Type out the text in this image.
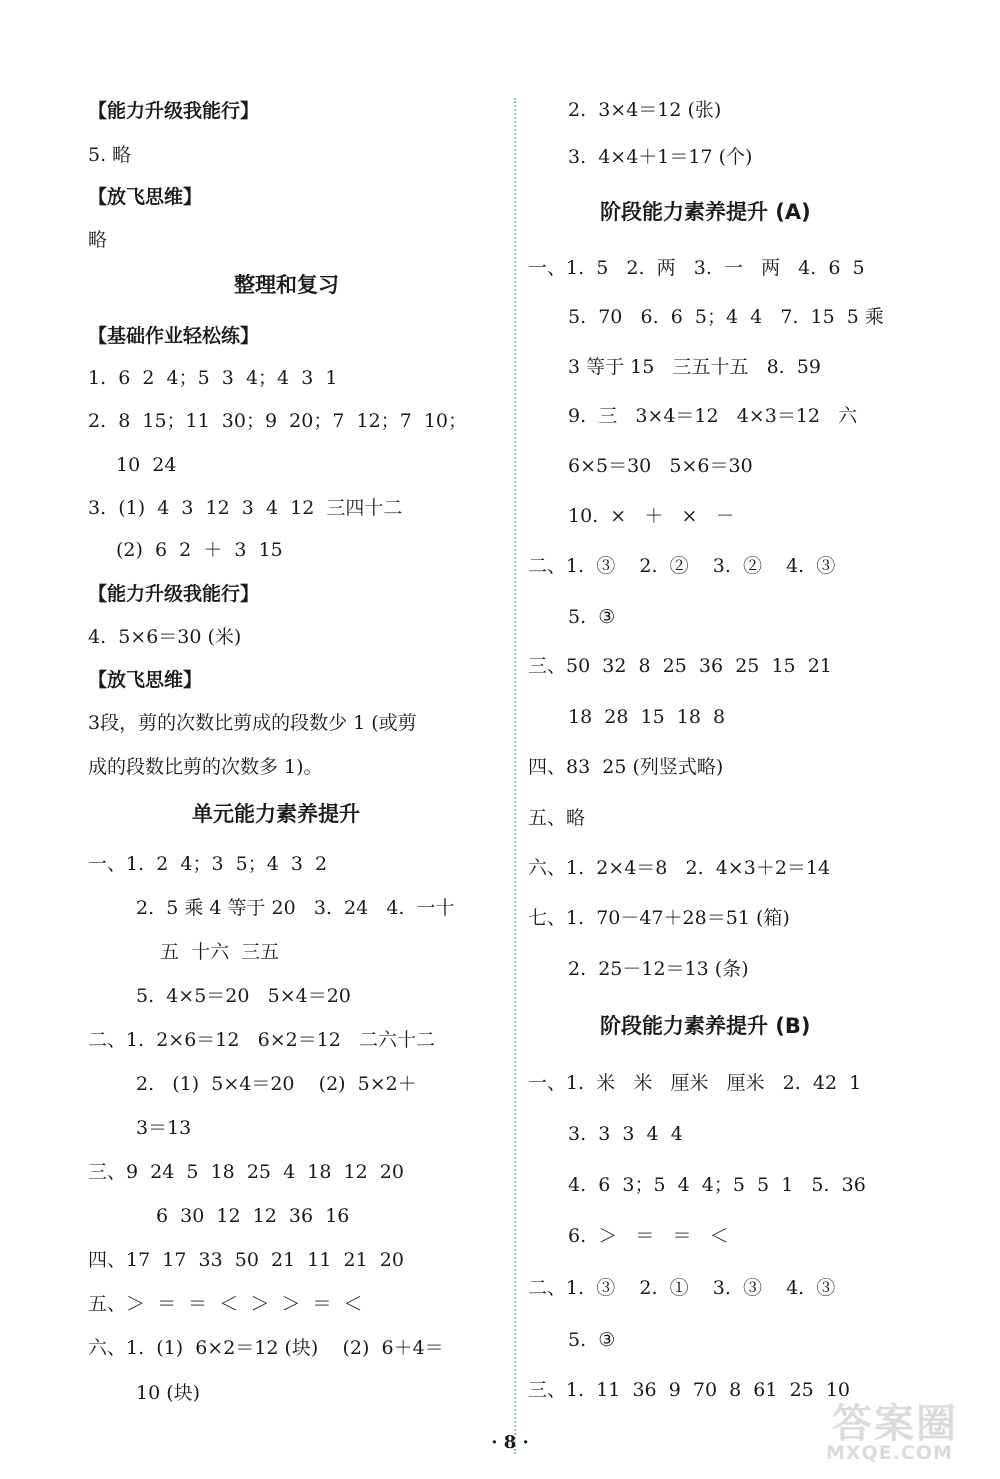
【能力升级我能行】
5. 略
【放飞思维】
略
整理和复习
【基础作业轻松练】
1.  6  2  4；5  3  4；4  3  1
2.  8  15；11  30；9  20；7  12；7  10；
10  24
3.  (1)  4  3  12  3  4  12  三四十二
(2)  6  2  ＋  3  15
【能力升级我能行】
4.  5×6＝30 (米)
【放飞思维】
3段，剪的次数比剪成的段数少 1 (或剪
成的段数比剪的次数多 1)。
单元能力素养提升
一、1.  2  4；3  5；4  3  2
2.  5 乘 4 等于 20   3.  24   4.  一十
五  十六  三五
5.  4×5＝20   5×4＝20
二、1.  2×6＝12   6×2＝12   二六十二
2.   (1)  5×4＝20    (2)  5×2＋
3＝13
三、9  24  5  18  25  4  18  12  20
6  30  12  12  36  16
四、17  17  33  50  21  11  21  20
五、＞  ＝  ＝  ＜  ＞  ＞  ＝  ＜
六、1.  (1)  6×2＝12 (块)    (2)  6＋4＝
10 (块)
2.  3×4＝12 (张)
3.  4×4＋1＝17 (个)
阶段能力素养提升 (A)
一、1.  5   2.  两   3.  一   两   4.  6  5
5.  70   6.  6  5；4  4   7.  15  5 乘
3 等于 15   三五十五   8.  59
9.  三   3×4＝12   4×3＝12   六
6×5＝30   5×6＝30
10.  ×   ＋   ×   －
二、1.  ③    2.  ②    3.  ②    4.  ③
5.  ③
三、50  32  8  25  36  25  15  21
18  28  15  18  8
四、83  25 (列竖式略)
五、略
六、1.  2×4＝8   2.  4×3＋2＝14
七、1.  70－47＋28＝51 (箱)
2.  25－12＝13 (条)
阶段能力素养提升 (B)
一、1.  米   米   厘米   厘米   2.  42  1
3.  3  3  4  4
4.  6  3；5  4  4；5  5  1   5.  36
6.  ＞   ＝   ＝   ＜
二、1.  ③    2.  ①    3.  ③    4.  ③
5.  ③
三、1.  11  36  9  70  8  61  25  10
· 8 ·	答案圈
MXQE.COM
